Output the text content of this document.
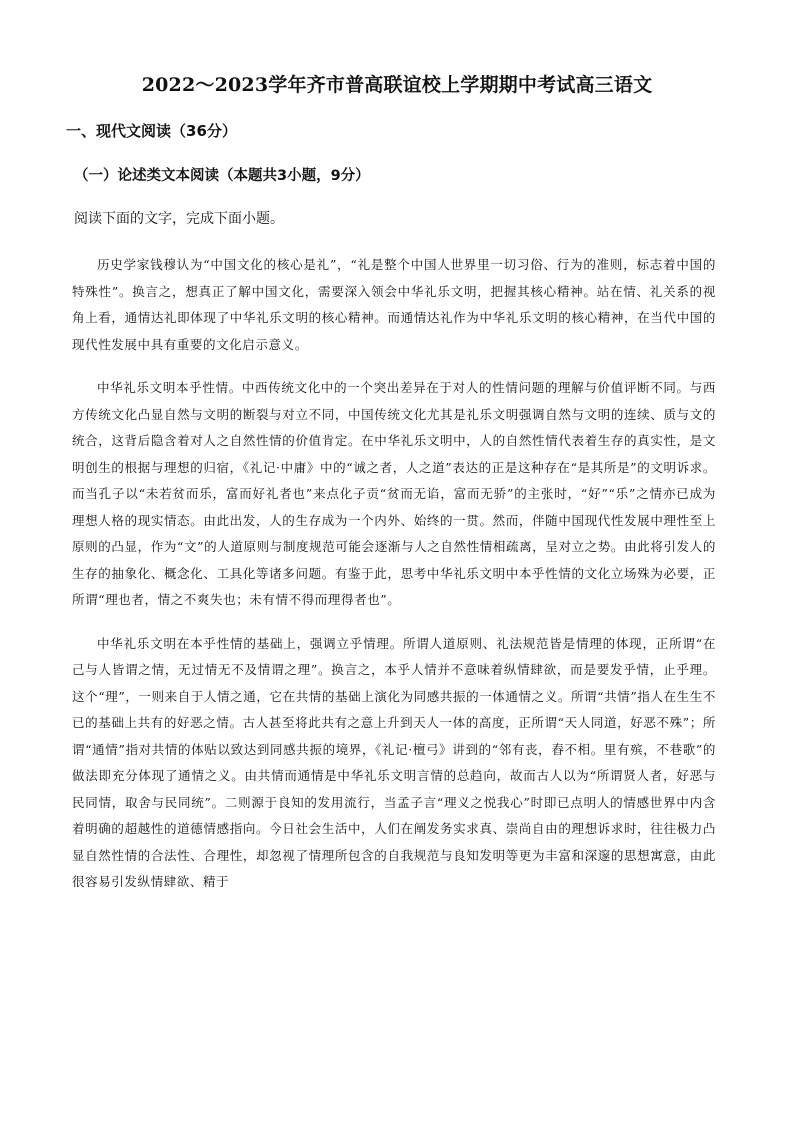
2022～2023学年齐市普高联谊校上学期期中考试高三语文
一、现代文阅读（36分）
（一）论述类文本阅读（本题共3小题，9分）
阅读下面的文字，完成下面小题。

历史学家钱穆认为“中国文化的核心是礼”，“礼是整个中国人世界里一切习俗、行为的准则，标志着中国的特殊性”。换言之，想真正了解中国文化，需要深入领会中华礼乐文明，把握其核心精神。站在情、礼关系的视角上看，通情达礼即体现了中华礼乐文明的核心精神。而通情达礼作为中华礼乐文明的核心精神，在当代中国的现代性发展中具有重要的文化启示意义。

中华礼乐文明本乎性情。中西传统文化中的一个突出差异在于对人的性情问题的理解与价值评断不同。与西方传统文化凸显自然与文明的断裂与对立不同，中国传统文化尤其是礼乐文明强调自然与文明的连续、质与文的统合，这背后隐含着对人之自然性情的价值肯定。在中华礼乐文明中，人的自然性情代表着生存的真实性，是文明创生的根据与理想的归宿，《礼记·中庸》中的“诚之者，人之道”表达的正是这种存在“是其所是”的文明诉求。而当孔子以“未若贫而乐，富而好礼者也”来点化子贡“贫而无谄，富而无骄”的主张时，“好”“乐”之情亦已成为理想人格的现实情态。由此出发，人的生存成为一个内外、始终的一贯。然而，伴随中国现代性发展中理性至上原则的凸显，作为“文”的人道原则与制度规范可能会逐渐与人之自然性情相疏离，呈对立之势。由此将引发人的生存的抽象化、概念化、工具化等诸多问题。有鉴于此，思考中华礼乐文明中本乎性情的文化立场殊为必要，正所谓“理也者，情之不爽失也；未有情不得而理得者也”。

中华礼乐文明在本乎性情的基础上，强调立乎情理。所谓人道原则、礼法规范皆是情理的体现，正所谓“在己与人皆谓之情，无过情无不及情谓之理”。换言之，本乎人情并不意味着纵情肆欲，而是要发乎情，止乎理。这个“理”，一则来自于人情之通，它在共情的基础上演化为同感共振的一体通情之义。所谓“共情”指人在生生不已的基础上共有的好恶之情。古人甚至将此共有之意上升到天人一体的高度，正所谓“天人同道，好恶不殊”；所谓“通情”指对共情的体贴以致达到同感共振的境界，《礼记·檀弓》讲到的“邻有丧，舂不相。里有殡，不巷歌”的做法即充分体现了通情之义。由共情而通情是中华礼乐文明言情的总趋向，故而古人以为“所谓贤人者，好恶与民同情，取舍与民同统”。二则源于良知的发用流行，当孟子言“理义之悦我心”时即已点明人的情感世界中内含着明确的超越性的道德情感指向。今日社会生活中，人们在阐发务实求真、崇尚自由的理想诉求时，往往极力凸显自然性情的合法性、合理性，却忽视了情理所包含的自我规范与良知发明等更为丰富和深邃的思想寓意，由此很容易引发纵情肆欲、精于
